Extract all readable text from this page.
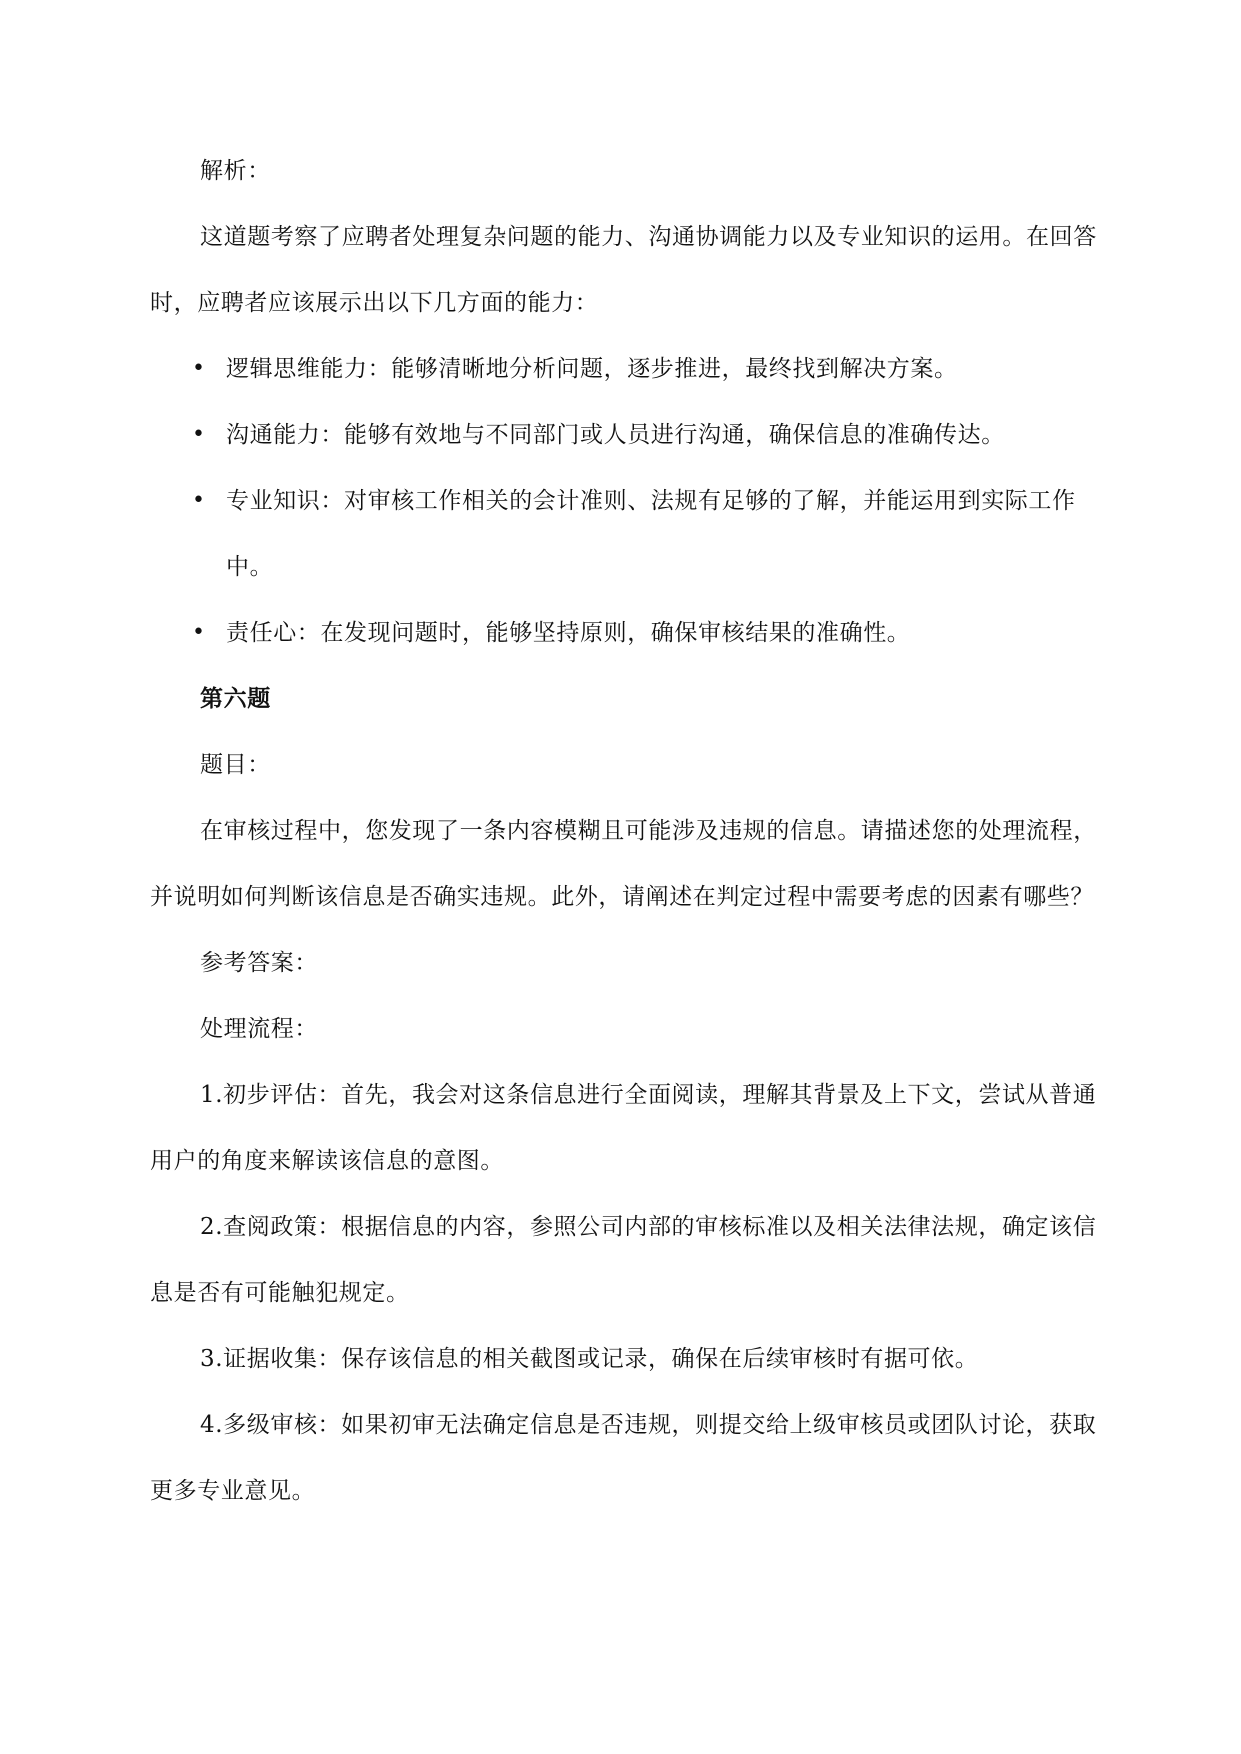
解析：

这道题考察了应聘者处理复杂问题的能力、沟通协调能力以及专业知识的运用。在回答时，应聘者应该展示出以下几方面的能力：

• 逻辑思维能力：能够清晰地分析问题，逐步推进，最终找到解决方案。
• 沟通能力：能够有效地与不同部门或人员进行沟通，确保信息的准确传达。
• 专业知识：对审核工作相关的会计准则、法规有足够的了解，并能运用到实际工作中。
• 责任心：在发现问题时，能够坚持原则，确保审核结果的准确性。

第六题

题目：

在审核过程中，您发现了一条内容模糊且可能涉及违规的信息。请描述您的处理流程，并说明如何判断该信息是否确实违规。此外，请阐述在判定过程中需要考虑的因素有哪些？

参考答案：

处理流程：

1.初步评估：首先，我会对这条信息进行全面阅读，理解其背景及上下文，尝试从普通用户的角度来解读该信息的意图。

2.查阅政策：根据信息的内容，参照公司内部的审核标准以及相关法律法规，确定该信息是否有可能触犯规定。

3.证据收集：保存该信息的相关截图或记录，确保在后续审核时有据可依。

4.多级审核：如果初审无法确定信息是否违规，则提交给上级审核员或团队讨论，获取更多专业意见。
